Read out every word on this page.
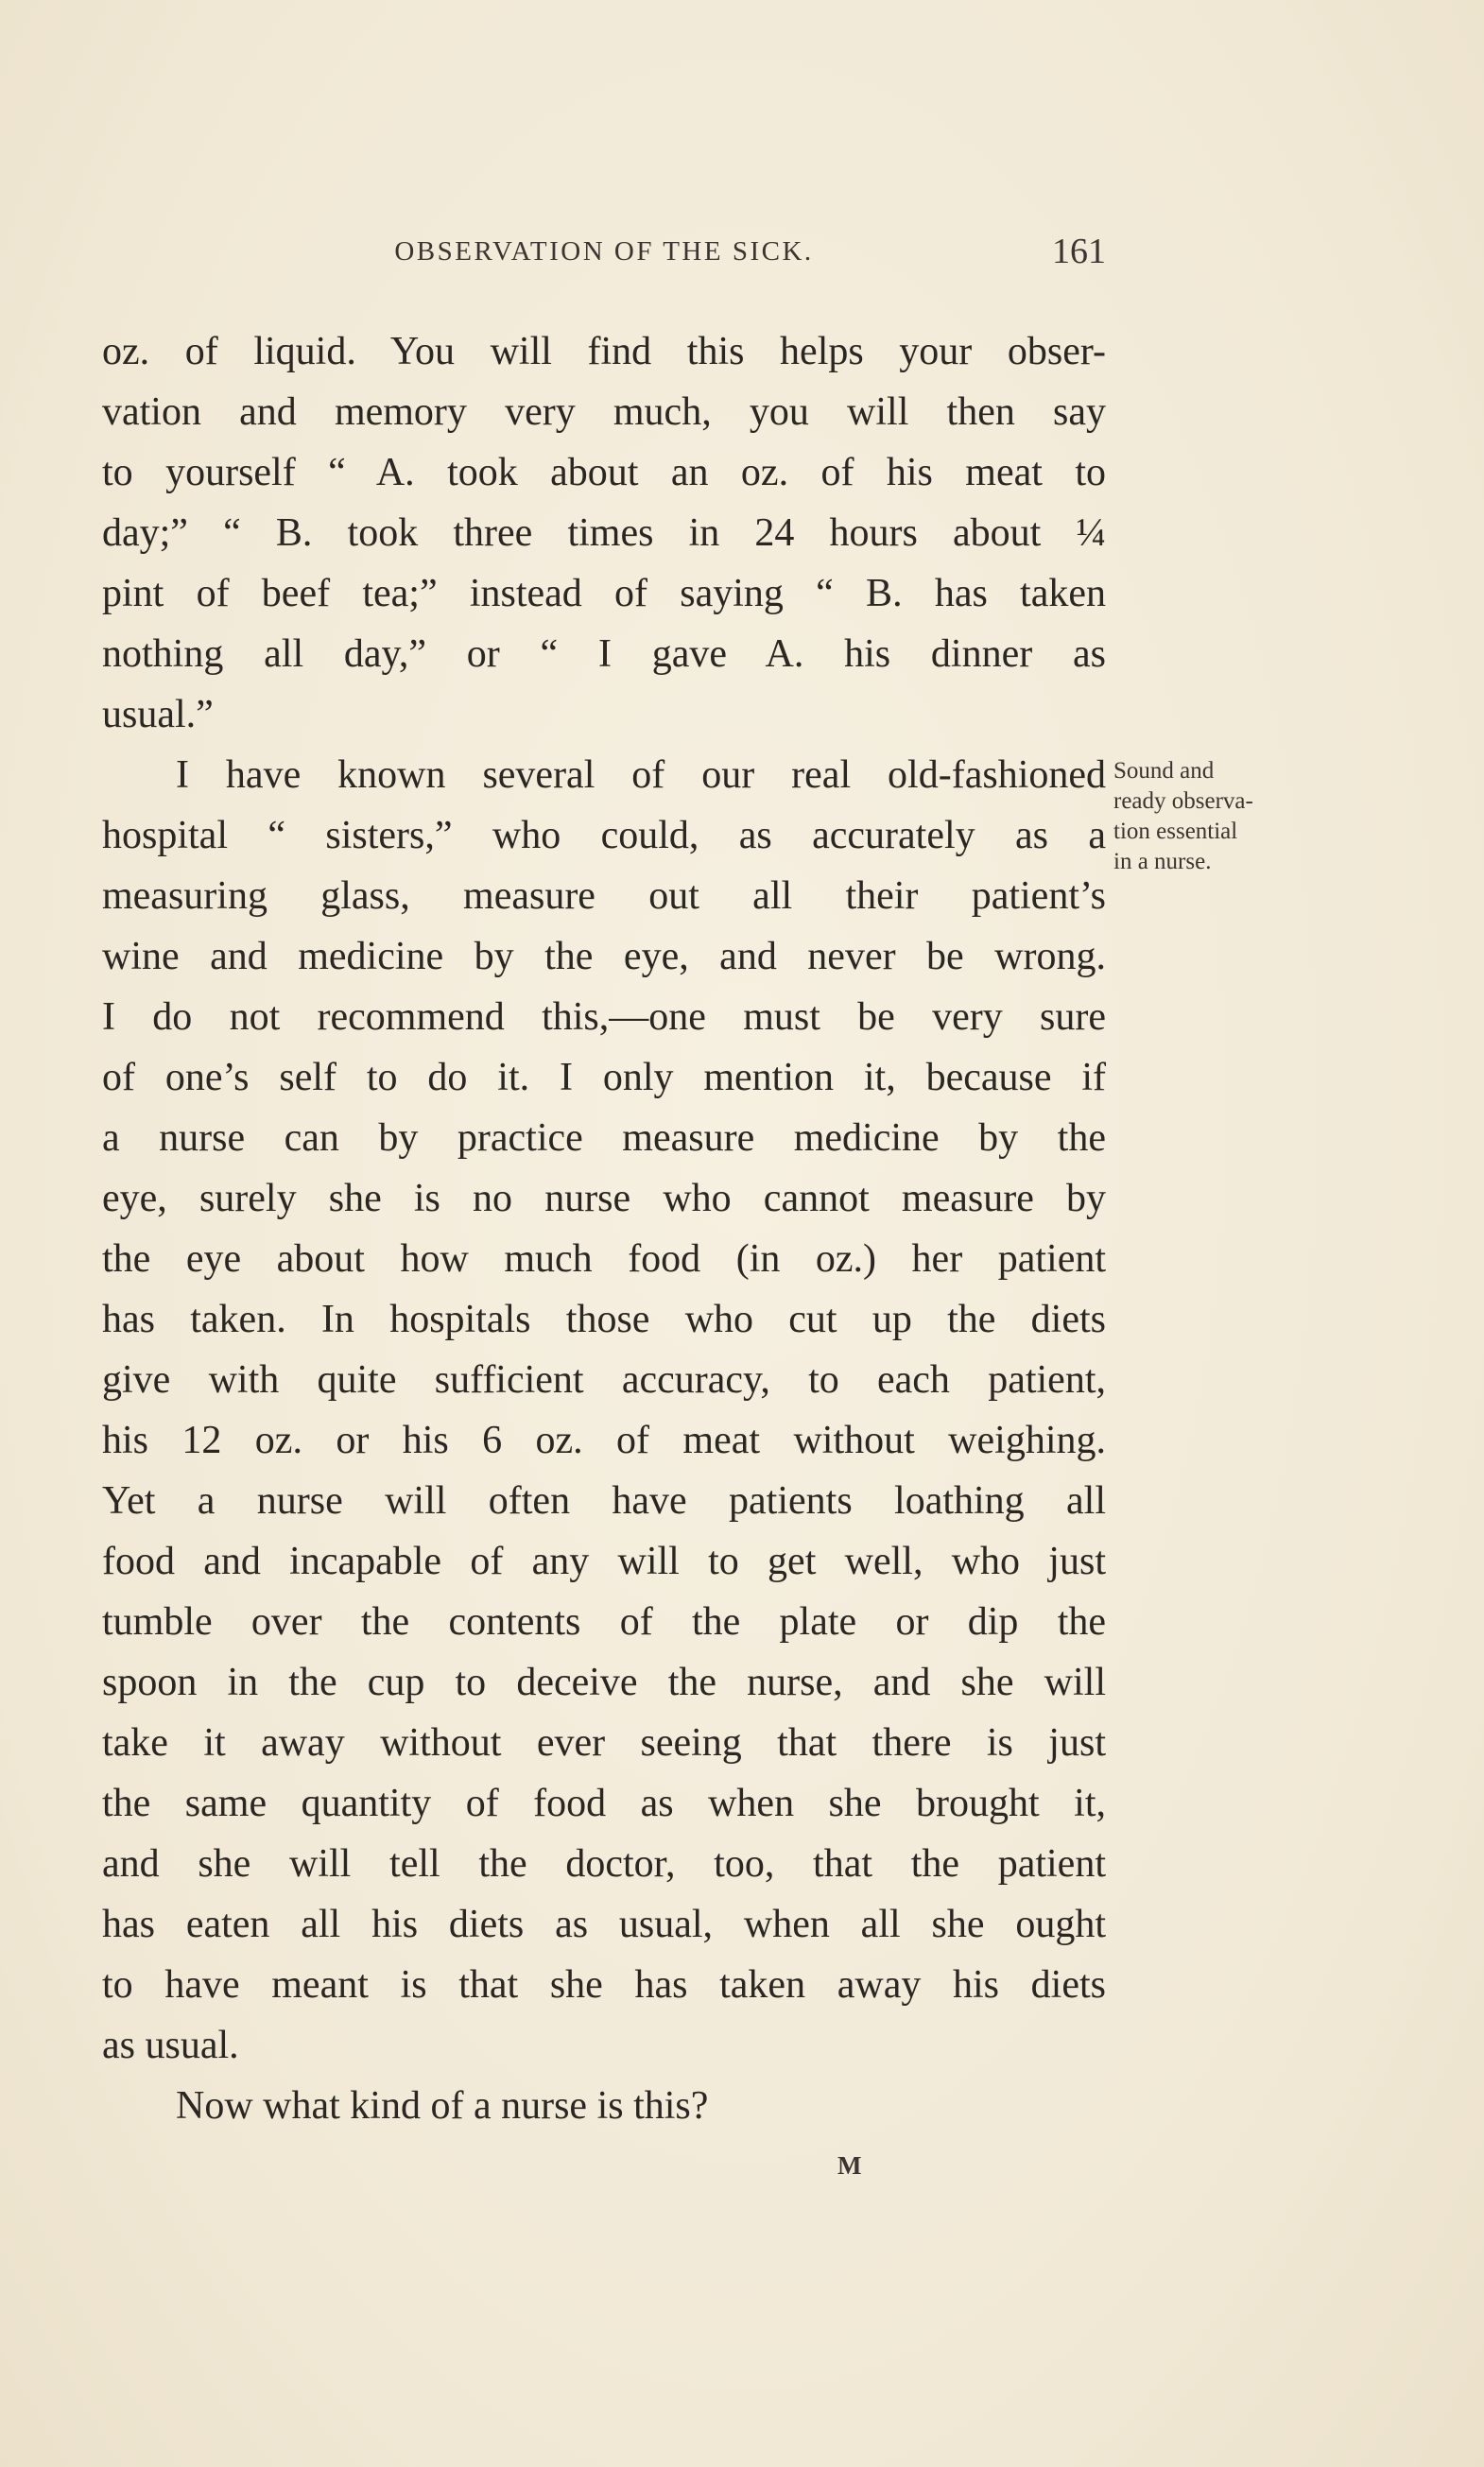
OBSERVATION OF THE SICK.	161
oz. of liquid. You will find this helps your obser-
vation and memory very much, you will then say
to yourself “ A. took about an oz. of his meat to
day;” “ B. took three times in 24 hours about ¼
pint of beef tea;” instead of saying “ B. has taken
nothing all day,” or “ I gave A. his dinner as
usual.”
I have known several of our real old-fashioned
hospital “ sisters,” who could, as accurately as a
measuring glass, measure out all their patient’s
wine and medicine by the eye, and never be wrong.
I do not recommend this,—one must be very sure
of one’s self to do it. I only mention it, because if
a nurse can by practice measure medicine by the
eye, surely she is no nurse who cannot measure by
the eye about how much food (in oz.) her patient
has taken. In hospitals those who cut up the diets
give with quite sufficient accuracy, to each patient,
his 12 oz. or his 6 oz. of meat without weighing.
Yet a nurse will often have patients loathing all
food and incapable of any will to get well, who just
tumble over the contents of the plate or dip the
spoon in the cup to deceive the nurse, and she will
take it away without ever seeing that there is just
the same quantity of food as when she brought it,
and she will tell the doctor, too, that the patient
has eaten all his diets as usual, when all she ought
to have meant is that she has taken away his diets
as usual.
Now what kind of a nurse is this?
Sound and
ready observa-
tion essential
in a nurse.
M
